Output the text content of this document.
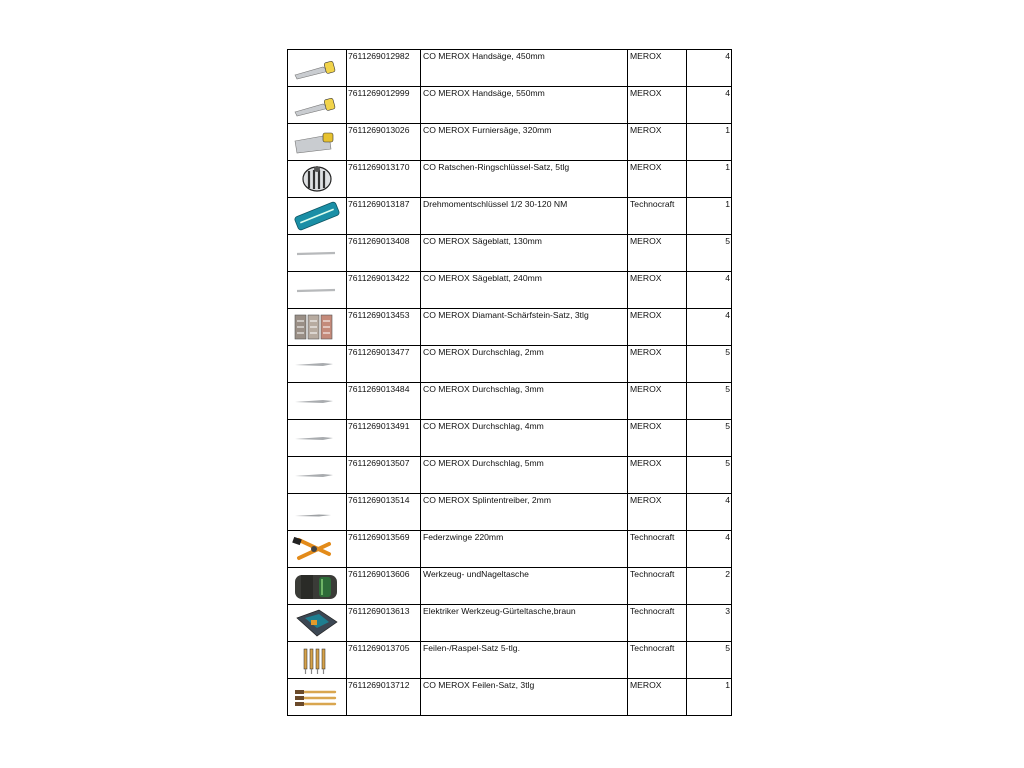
	7611269012982	CO MEROX Handsäge, 450mm	MEROX	4

	7611269012999	CO MEROX Handsäge, 550mm	MEROX	4

	7611269013026	CO MEROX Furniersäge, 320mm	MEROX	1

	7611269013170	CO Ratschen-Ringschlüssel-Satz, 5tlg	MEROX	1

	7611269013187	Drehmomentschlüssel 1/2 30-120 NM	Technocraft	1

	7611269013408	CO MEROX Sägeblatt, 130mm	MEROX	5

	7611269013422	CO MEROX Sägeblatt, 240mm	MEROX	4

	7611269013453	CO MEROX Diamant-Schärfstein-Satz, 3tlg	MEROX	4

	7611269013477	CO MEROX Durchschlag, 2mm	MEROX	5

	7611269013484	CO MEROX Durchschlag, 3mm	MEROX	5

	7611269013491	CO MEROX Durchschlag, 4mm	MEROX	5

	7611269013507	CO MEROX Durchschlag, 5mm	MEROX	5

	7611269013514	CO MEROX Splintentreiber, 2mm	MEROX	4

	7611269013569	Federzwinge 220mm	Technocraft	4

	7611269013606	Werkzeug- undNageltasche	Technocraft	2

	7611269013613	Elektriker Werkzeug-Gürteltasche,braun	Technocraft	3

	7611269013705	Feilen-/Raspel-Satz 5-tlg.	Technocraft	5

	7611269013712	CO MEROX Feilen-Satz, 3tlg	MEROX	1
